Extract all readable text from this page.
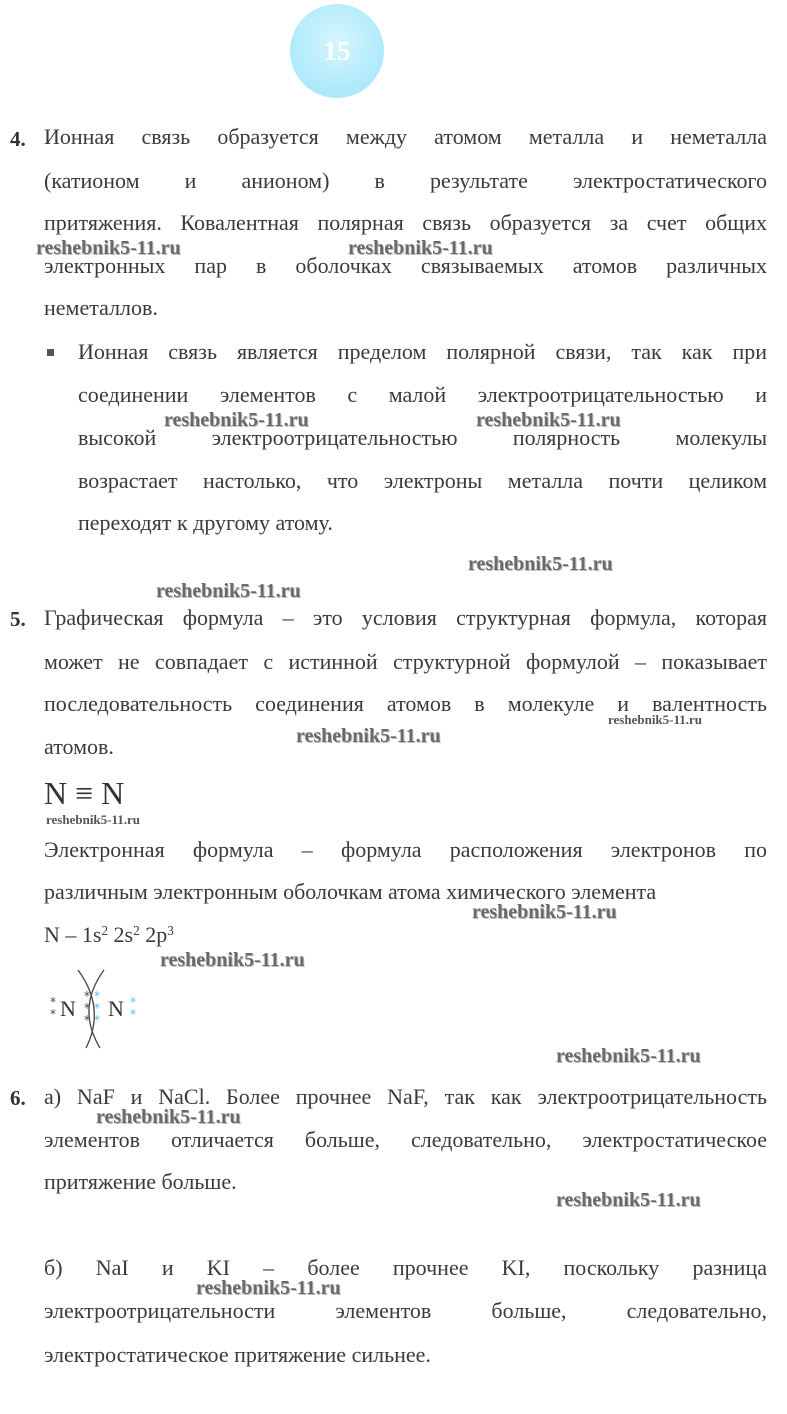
15
4. Ионная связь образуется между атомом металла и неметалла
(катионом и анионом) в результате электростатического
притяжения. Ковалентная полярная связь образуется за счет общих
электронных пар в оболочках связываемых атомов различных
неметаллов.
Ионная связь является пределом полярной связи, так как при
соединении элементов с малой электроотрицательностью и
высокой электроотрицательностью полярность молекулы
возрастает настолько, что электроны металла почти целиком
переходят к другому атому.
5. Графическая формула – это условия структурная формула, которая
может не совпадает с истинной структурной формулой – показывает
последовательность соединения атомов в молекуле и валентность
атомов.
N ≡ N
Электронная формула – формула расположения электронов по
различным электронным оболочкам атома химического элемента
N – $1s^2$ $2s^2$ $2p^3$
N N
*
*
*
*
*
*
*
*
*
*
6. а) NaF и NaCl. Более прочнее NaF, так как электроотрицательность
элементов отличается больше, следовательно, электростатическое
притяжение больше.
б) NaI и KI – более прочнее KI, поскольку разница
электроотрицательности элементов больше, следовательно,
электростатическое притяжение сильнее.
reshebnik5-11.ru	reshebnik5-11.ru
reshebnik5-11.ru	reshebnik5-11.ru
reshebnik5-11.ru
reshebnik5-11.ru
reshebnik5-11.ru
reshebnik5-11.ru
reshebnik5-11.ru
reshebnik5-11.ru
reshebnik5-11.ru
reshebnik5-11.ru
reshebnik5-11.ru
reshebnik5-11.ru
reshebnik5-11.ru
